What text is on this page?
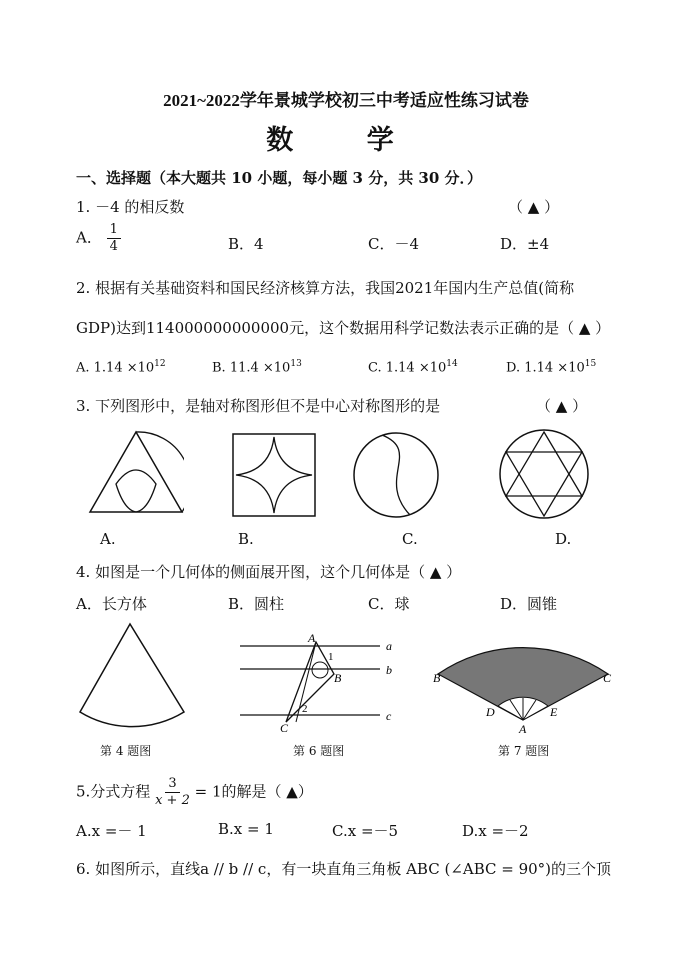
2021~2022学年景城学校初三中考适应性练习试卷
数 学
一、选择题（本大题共 10 小题，每小题 3 分，共 30 分．）
1. －4 的相反数	（ ▲ ）
A． $\frac{1}{4}$	B．4	C．－4	D．±4
2. 根据有关基础资料和国民经济核算方法，我国2021年国内生产总值(简称
GDP)达到114000000000000元，这个数据用科学记数法表示正确的是（ ▲ ）
A. $1.14 \times 10^{12}$	B. $11.4 \times 10^{13}$	C. $1.14 \times 10^{14}$	D. $1.14 \times 10^{15}$
3. 下列图形中，是轴对称图形但不是中心对称图形的是	（ ▲ ）
A.	B.	C.	D.
4. 如图是一个几何体的侧面展开图，这个几何体是（ ▲ ）
A．长方体	B．圆柱	C．球	D．圆锥
第 4 题图
A
B
C
a
b
c
1
2
第 6 题图
B	C
D	E
A
第 7 题图
5.分式方程 $\frac{3}{x + 2} = 1$的解是（ ▲）
A.x =－ 1	B.x = 1	C.x =－5	D.x =－2
6. 如图所示，直线a // b // c，有一块直角三角板 ABC (∠ABC = 90°)的三个顶
